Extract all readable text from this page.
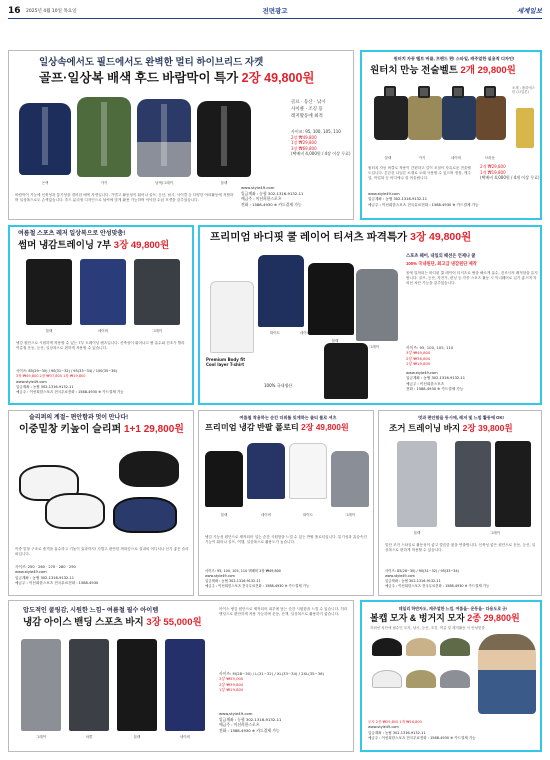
16 2025년 4월 10일 목요일	전면광고	세계일보
일상속에서도 필드에서도 완벽한 멀티 하이브리드 자켓
골프·일상복 배색 후드 바람막이 특가 2장 49,800원
곤색	카키	남색/그레이	블랙
골프 · 등산 · 낚시
사이클 · 조깅 등
레저활동에 최적
사이즈: 95, 100, 105, 110
2장 ₩49,800
1장 ₩29,800
3장 ₩69,800
(택배비 4,000원 / 4장 이상 무료)
바람막이 기능에 신축성과 통기성을 겸비한 배색 자켓입니다. 가볍고 활동성이 뛰어나 골프, 등산, 낚시, 사이클 등 다양한 야외활동에 적합하며 일상복으로도 손색없습니다. 후드 분리형 디자인으로 날씨에 맞게 활용 가능하며 넉넉한 수납 포켓을 갖추었습니다.
www.style49.com
입금계좌 : 농협 302-1316-9132-11
예금주 : 이선희한스포츠
전화 : 1588-4930 ※ 카드결제 가능
원터치 자동 벨트 버클, 프랜드 편! 스타일, 캐주얼한 실용적 디자인!
원터치 만능 전술벨트 2개 29,800원
소재 : 폴리에스터 (나일론)
블랙	카키	네이비	브라운
2개 ₩29,800
1개 ₩19,800
(택배비 4,000원 / 4개 이상 무료)
원터치 자동 버클로 착용이 간편하고 길이 조절이 자유로운 전술벨트입니다. 튼튼한 나일론 소재로 오래 사용할 수 있으며 정장, 캐주얼, 작업복 등 어디에나 잘 어울립니다.
www.style49.com
입금계좌 : 농협 302-1316-9132-11
예금주 : 이선희한스포츠 전국무료전화 : 1588-4930 ※ 카드결제 가능
여름철 스포츠 레저 일상복으로 안성맞춤!
썸머 냉감트레이닝 7부 3장 49,800원
블랙	네이비	그레이
냉감 원단으로 시원하게 착용할 수 있는 7부 트레이닝 팬츠입니다. 신축성이 뛰어나고 땀 흡수와 건조가 빨라 여름철 운동, 등산, 일상복으로 편하게 착용할 수 있습니다.
사이즈: 85(29~30) / 90(31~32) / 95(33~34) / 100(35~36)
3장 ₩49,800 2장 ₩37,800 1장 ₩19,800
www.style49.com
입금계좌 : 농협 302-1316-9132-11
예금주 : 이선희한스포츠 전국무료전화 : 1588-4930 ※ 카드결제 가능
프리미엄 바디핏 쿨 레이어 티셔츠 파격특가 3장 49,800원
Premium Body fit Cool layer T-shirt
100% 국내생산
화이트	네이비
블랙
그레이
스포츠 웨어, 내일의 패션은 언제나 쿨
100% 국내원단, 최고급 냉감원단 제작
몸에 밀착되는 바디핏 쿨 레이어 티셔츠로 땀을 빠르게 흡수, 건조시켜 쾌적함을 유지합니다. 골프, 등산, 자전거, 런닝 등 각종 스포츠 활동 시 이너웨어로 입기 좋으며 자외선 차단 기능을 갖추었습니다.
사이즈: 95, 100, 105, 110
3장 ₩49,800
2장 ₩36,800
1장 ₩19,800
www.style49.com
입금계좌 : 농협 302-1316-9132-11
예금주 : 이선희한스포츠
전화 : 1588-4930 ※ 카드결제 가능
슬리퍼의 계절~ 편안함과 멋이 만나다!
이중밑창 키높이 슬리퍼 1+1 29,800원
이중 밑창 구조로 충격을 흡수하고 키높이 효과까지! 가볍고 편안한 착화감으로 실내외 어디서나 신기 좋은 슬리퍼입니다.
사이즈: 250 · 260 · 270 · 280 · 290
www.style49.com
입금계좌 : 농협 302-1316-9132-11
예금주 : 이선희한스포츠 전국무료전화 : 1588-4930
여름철 착용하는 순간 더위를 잊게하는 쿨티 폴로 셔츠
프리미엄 냉감 반팔 폴로티 2장 49,800원
블랙	네이비	화이트	그레이
냉감 기능성 원단으로 제작되어 입는 순간 시원함을 느낄 수 있는 반팔 폴로티입니다. 통기성과 흡습속건 기능이 뛰어나 골프, 여행, 일상복으로 활용도가 높습니다.
사이즈: 95, 100, 105, 110 택배비 2장 ₩49,800
www.style49.com
입금계좌 : 농협 302-1316-9132-11
예금주 : 이선희한스포츠 전국무료전화 : 1588-4930 ※ 카드결제 가능
멋과 편안함을 동시에, 레저 및 느낌 활동에 OK!
조거 트레이닝 바지 2장 39,800원
블랙	그레이
밑단 조거 스타일로 활동성이 좋고 깔끔한 핏을 연출합니다. 신축성 좋은 원단으로 운동, 등산, 일상복으로 편하게 착용할 수 있습니다.
사이즈: 85(28~30) / 90(31~32) / 95(33~34)
www.style49.com
입금계좌 : 농협 302-1316-9132-11
예금주 : 이선희한스포츠 전국무료전화 : 1588-4930 ※ 카드결제 가능
압도적인 쿨링감, 시원한 느낌~ 여름철 필수 아이템
냉감 아이스 밴딩 스포츠 바지 3장 55,000원
그레이	차콜	블랙	네이비
아이스 냉감 원단으로 제작되어 피부에 닿는 순간 시원함을 느낄 수 있습니다. 허리 밴딩으로 편안하게 착용 가능하며 운동, 산책, 일상복으로 활용하기 좋습니다.
사이즈: M(28~30) / L(31~32) / XL(33~34) / 2XL(35~36)
3장 ₩55,000
2장 ₩39,800
1장 ₩19,800
www.style49.com
입금계좌 : 농협 302-1316-9132-11
예금주 : 이선희한스포츠
전화 : 1588-4930 ※ 카드결제 가능
데일리 하반자도, 캐주얼한 느낌, 여름을~ 운동을~ 다용도로 굿!
볼캡 모자 & 벙거지 모자 2종 29,800원
자외선 차단에 필수인 모자, 낚시, 등산, 조깅, 여름 및 레저활동 시 안성맞춤
모자 2종 ₩29,800 1개 ₩16,800
www.style49.com
입금계좌 : 농협 302-1316-9132-11
예금주 : 이선희한스포츠 전국무료전화 : 1588-4930 ※ 카드결제 가능
